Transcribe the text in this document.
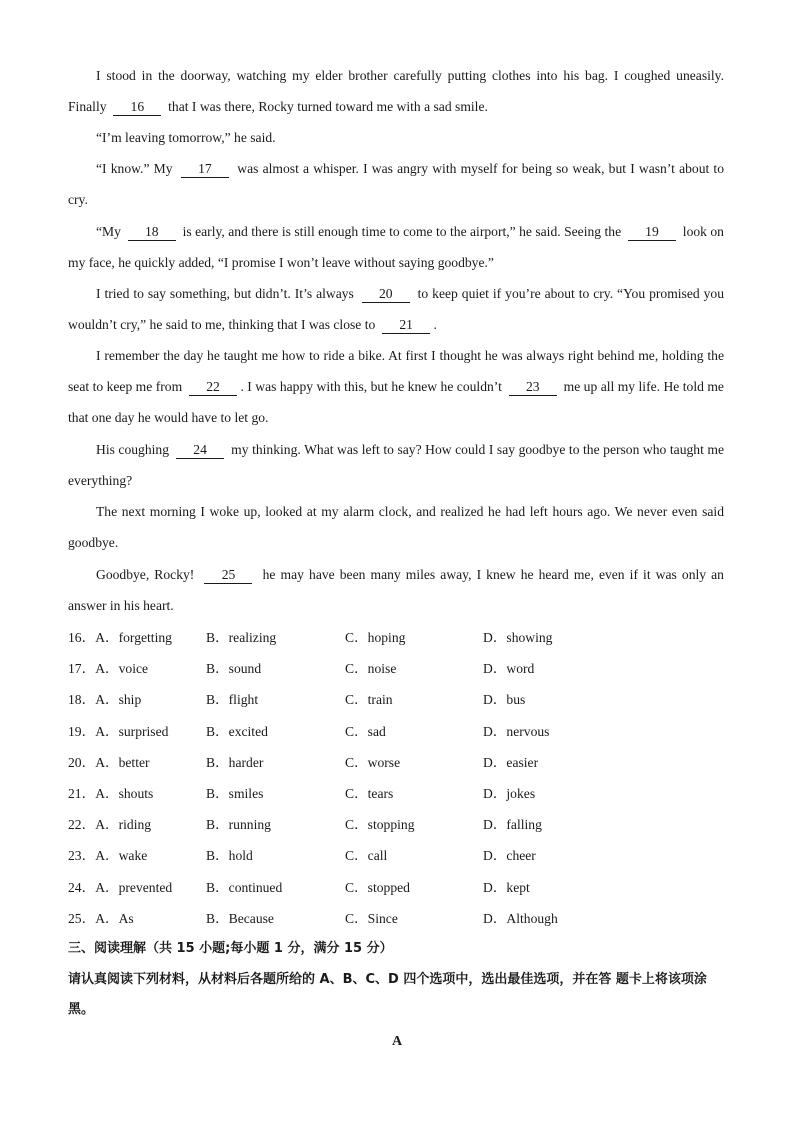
I stood in the doorway, watching my elder brother carefully putting clothes into his bag. I coughed uneasily. Finally  16  that I was there, Rocky turned toward me with a sad smile.
“I’m leaving tomorrow,” he said.
“I know.” My  17  was almost a whisper. I was angry with myself for being so weak, but I wasn’t about to cry.
“My  18  is early, and there is still enough time to come to the airport,” he said. Seeing the  19  look on my face, he quickly added, “I promise I won’t leave without saying goodbye.”
I tried to say something, but didn’t. It’s always  20  to keep quiet if you’re about to cry. “You promised you wouldn’t cry,” he said to me, thinking that I was close to  21 .
I remember the day he taught me how to ride a bike. At first I thought he was always right behind me, holding the seat to keep me from  22 . I was happy with this, but he knew he couldn’t  23  me up all my life. He told me that one day he would have to let go.
His coughing  24  my thinking. What was left to say? How could I say goodbye to the person who taught me everything?
The next morning I woke up, looked at my alarm clock, and realized he had left hours ago. We never even said goodbye.
Goodbye, Rocky!  25  he may have been many miles away, I knew he heard me, even if it was only an answer in his heart.
16．A．forgetting	B．realizing	C．hoping	D．showing
17．A．voice	B．sound	C．noise	D．word
18．A．ship	B．flight	C．train	D．bus
19．A．surprised	B．excited	C．sad	D．nervous
20．A．better	B．harder	C．worse	D．easier
21．A．shouts	B．smiles	C．tears	D．jokes
22．A．riding	B．running	C．stopping	D．falling
23．A．wake	B．hold	C．call	D．cheer
24．A．prevented B．continued	C．stopped	D．kept
25．A．As	B．Because	C．Since	D．Although
三、阅读理解（共 15 小题;每小题 1 分，满分 15 分）
请认真阅读下列材料，从材料后各题所给的 A、B、C、D 四个选项中，选出最佳选项，并在答 题卡上将该项涂黑。
A
